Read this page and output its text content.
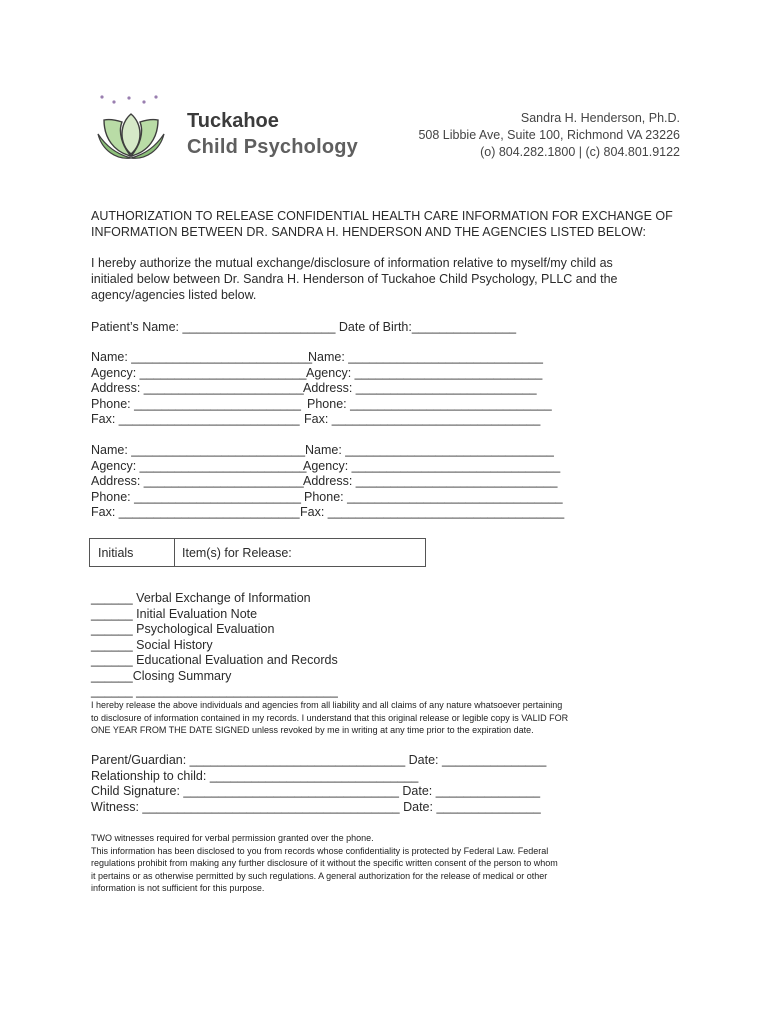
Tuckahoe
Child Psychology
Sandra H. Henderson, Ph.D.
508 Libbie Ave, Suite 100, Richmond VA 23226
(o) 804.282.1800 | (c) 804.801.9122
AUTHORIZATION TO RELEASE CONFIDENTIAL HEALTH CARE INFORMATION FOR EXCHANGE OF
INFORMATION BETWEEN DR. SANDRA H. HENDERSON AND THE AGENCIES LISTED BELOW:
I hereby authorize the mutual exchange/disclosure of information relative to myself/my child as
initialed below between Dr. Sandra H. Henderson of Tuckahoe Child Psychology, PLLC and the
agency/agencies listed below.
Patient’s Name: ______________________ Date of Birth:_______________
Name: __________________________
Name: ____________________________
Agency: ________________________ Agency: ___________________________
Address: _______________________ Address: __________________________
Phone: ________________________ Phone: _____________________________
Fax: __________________________ Fax: ______________________________
Name: _________________________ Name: ______________________________
Agency: ________________________
Agency: ______________________________
Address: _______________________ Address: _____________________________
Phone: ________________________ Phone: _______________________________
Fax: __________________________ Fax: __________________________________
Initials	Item(s) for Release:
______ Verbal Exchange of Information
______ Initial Evaluation Note
______ Psychological Evaluation
______ Social History
______ Educational Evaluation and Records
______Closing Summary
______ _____________________________
I hereby release the above individuals and agencies from all liability and all claims of any nature whatsoever pertaining
to disclosure of information contained in my records. I understand that this original release or legible copy is VALID FOR
ONE YEAR FROM THE DATE SIGNED unless revoked by me in writing at any time prior to the expiration date.
Parent/Guardian: _______________________________ Date: _______________
Relationship to child: ______________________________
Child Signature: _______________________________ Date: _______________
Witness: _____________________________________ Date: _______________
TWO witnesses required for verbal permission granted over the phone.
This information has been disclosed to you from records whose confidentiality is protected by Federal Law. Federal
regulations prohibit from making any further disclosure of it without the specific written consent of the person to whom
it pertains or as otherwise permitted by such regulations. A general authorization for the release of medical or other
information is not sufficient for this purpose.
